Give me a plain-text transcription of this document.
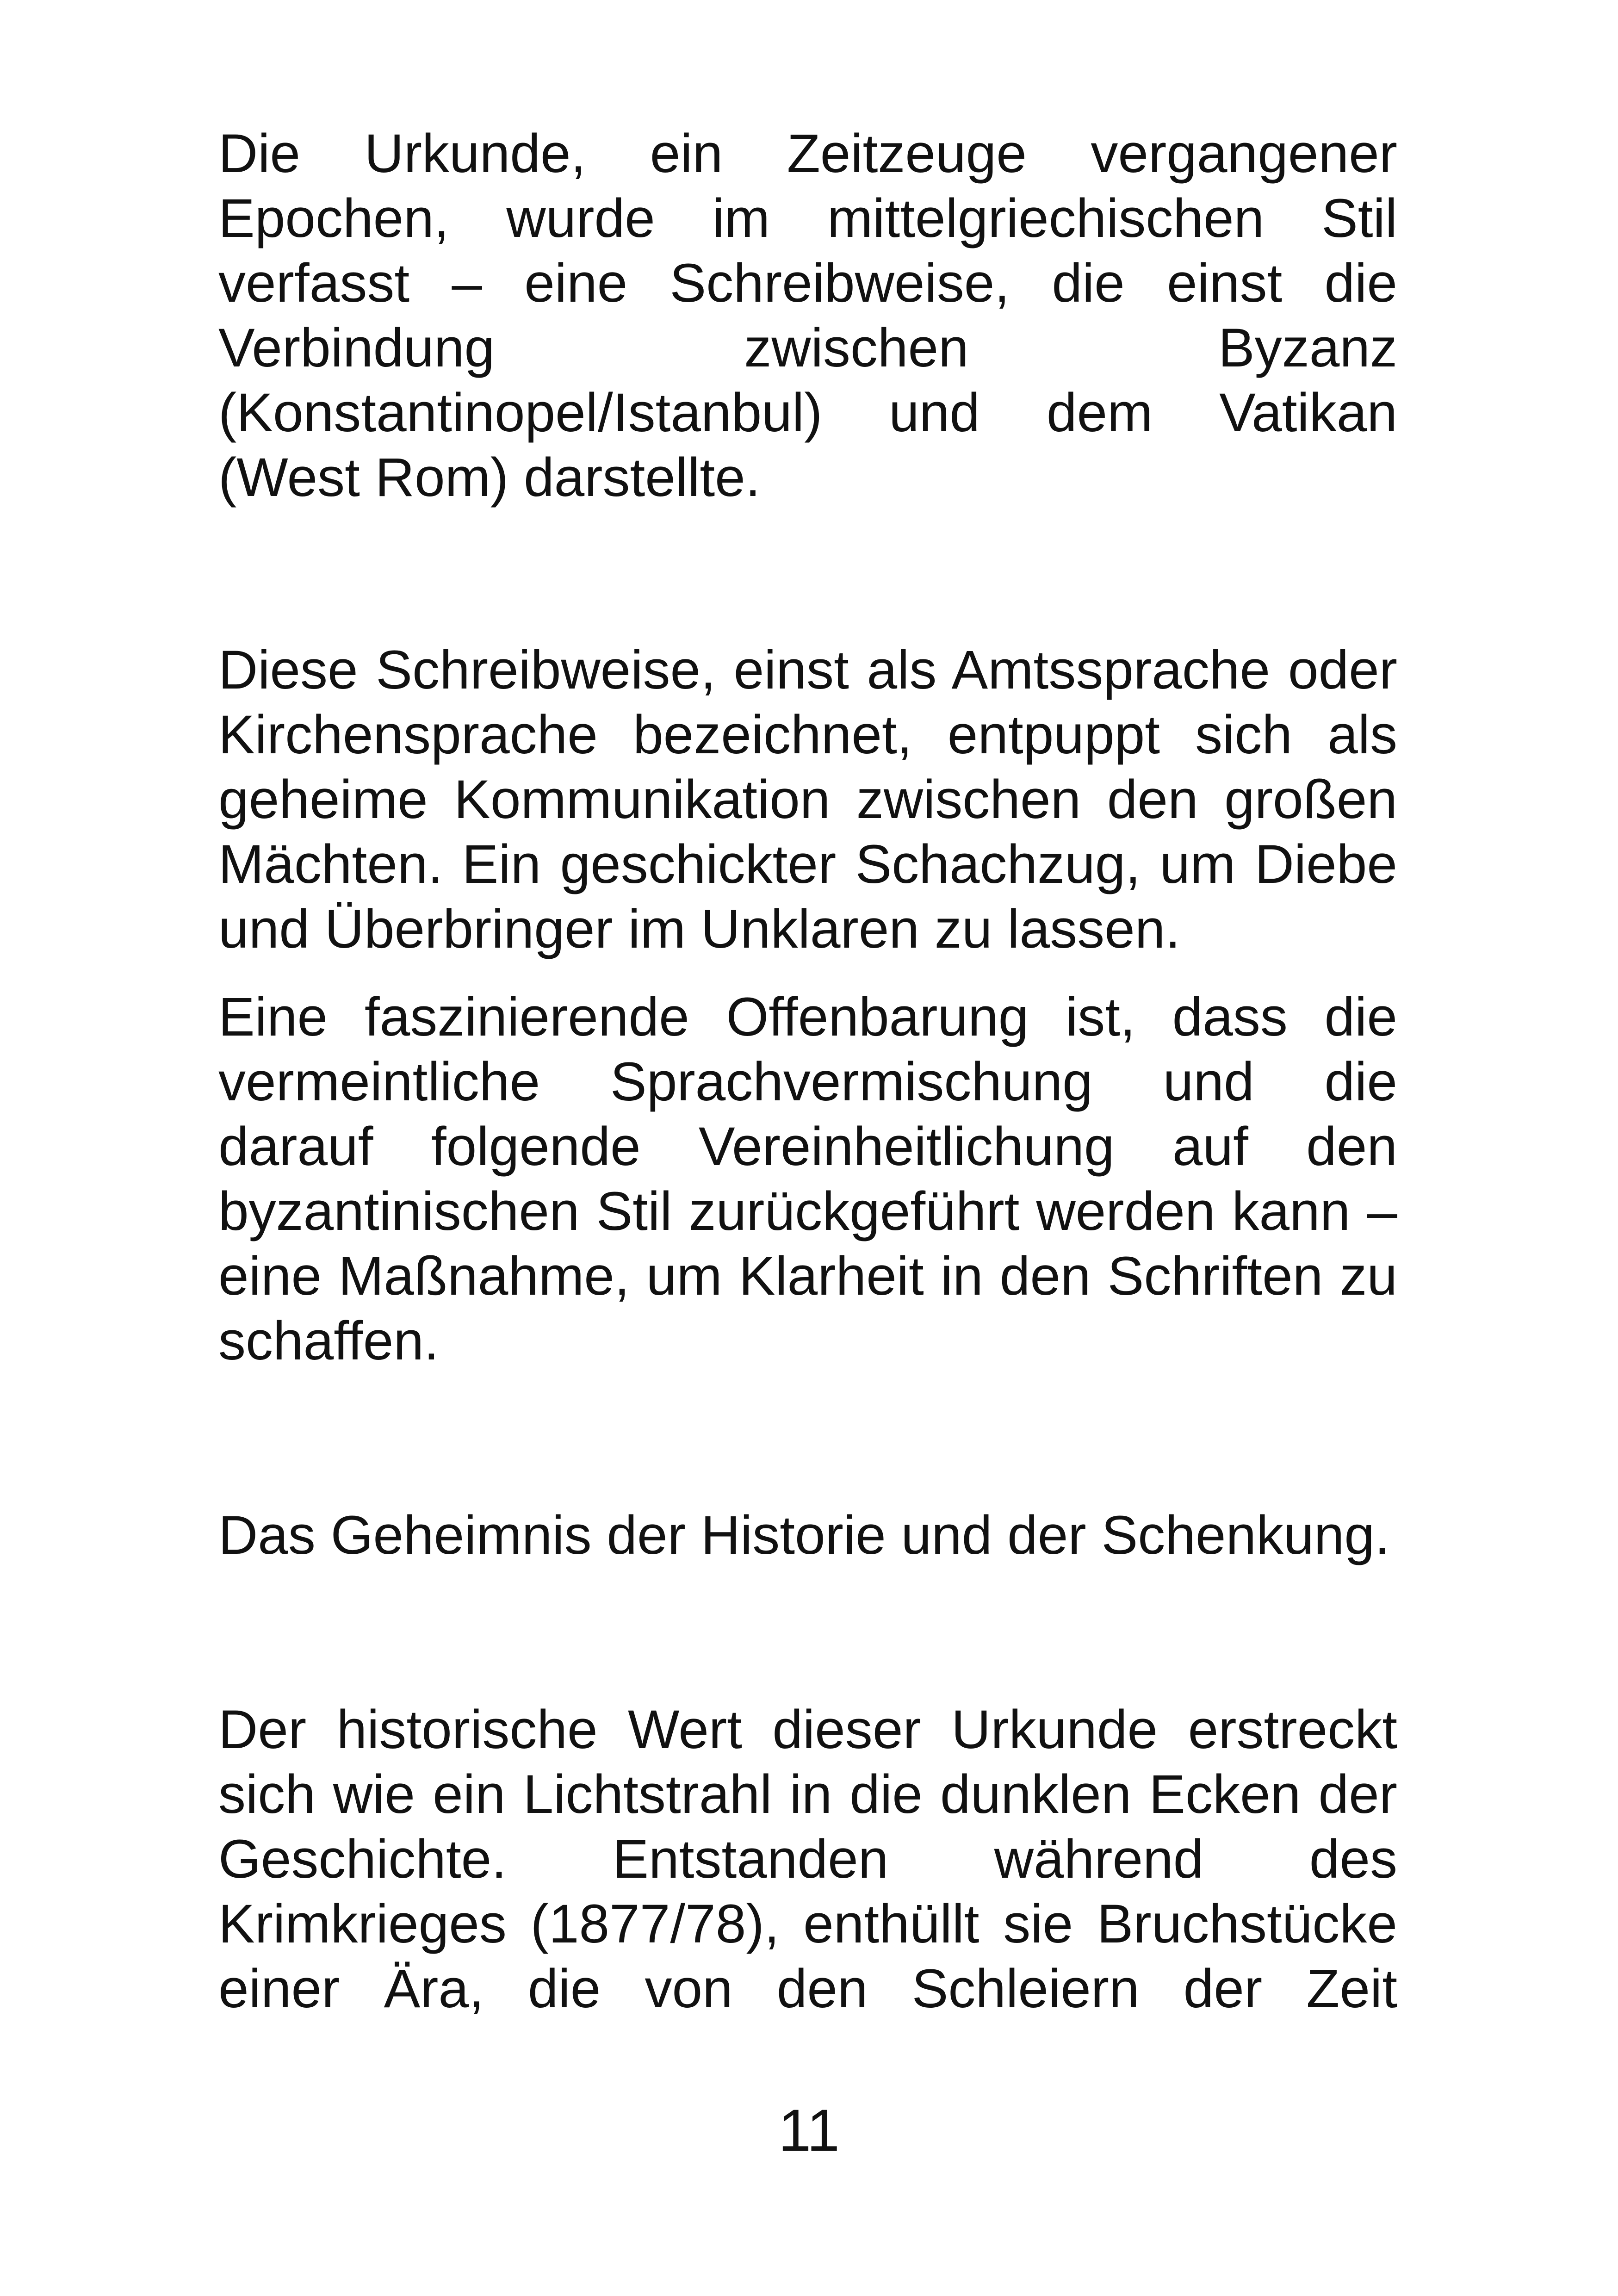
Die Urkunde, ein Zeitzeuge vergangener Epochen, wurde im mittelgriechischen Stil verfasst – eine Schreibweise, die einst die Verbindung zwischen Byzanz (Konstantinopel/Istanbul) und dem Vatikan (West Rom) darstellte.

Diese Schreibweise, einst als Amtssprache oder Kirchensprache bezeichnet, entpuppt sich als geheime Kommunikation zwischen den großen Mächten. Ein geschickter Schachzug, um Diebe und Überbringer im Unklaren zu lassen.

Eine faszinierende Offenbarung ist, dass die vermeintliche Sprachvermischung und die darauf folgende Vereinheitlichung auf den byzantinischen Stil zurückgeführt werden kann – eine Maßnahme, um Klarheit in den Schriften zu schaffen.

Das Geheimnis der Historie und der Schenkung.

Der historische Wert dieser Urkunde erstreckt sich wie ein Lichtstrahl in die dunklen Ecken der Geschichte. Entstanden während des Krimkrieges (1877/78), enthüllt sie Bruchstücke einer Ära, die von den Schleiern der Zeit

11
